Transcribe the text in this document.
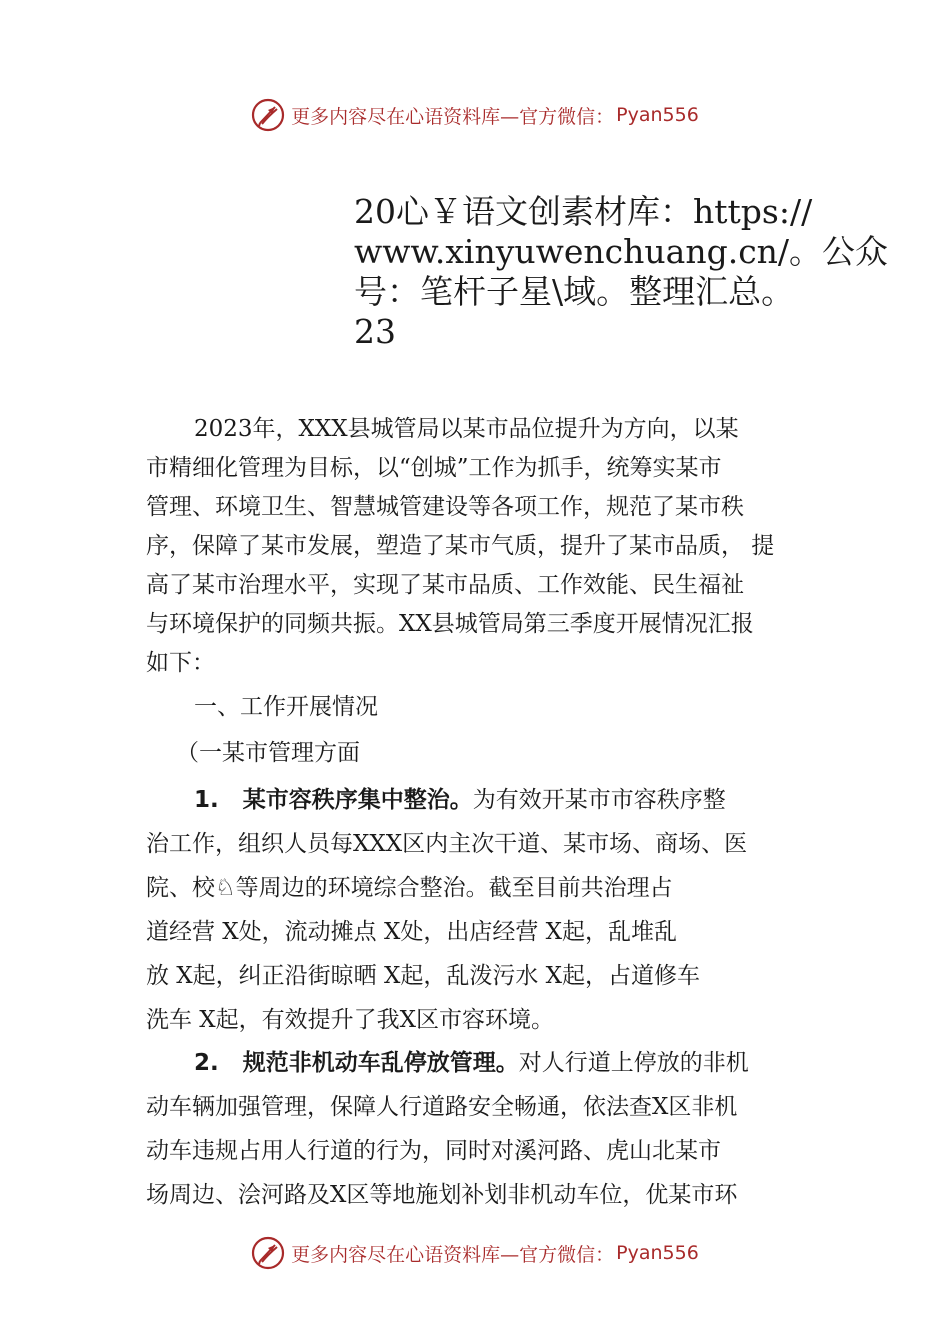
更多内容尽在心语资料库—官方微信： Pyan556
20心￥语文创素材库：https://
www.xinyuwenchuang.cn/。公众
号：笔杆子星\域。整理汇总。
23
2023年，XXX县城管局以某市品位提升为方向，以某
市精细化管理为目标，以“创城”工作为抓手，统筹实某市
管理、环境卫生、智慧城管建设等各项工作，规范了某市秩
序，保障了某市发展，塑造了某市气质，提升了某市品质， 提
高了某市治理水平，实现了某市品质、工作效能、民生福祉
与环境保护的同频共振。XX县城管局第三季度开展情况汇报
如下：
一、工作开展情况
（一某市管理方面
1. 某市容秩序集中整治。为有效开某市市容秩序整
治工作，组织人员每XXX区内主次干道、某市场、商场、医
院、校♘等周边的环境综合整治。截至目前共治理占
道经营 X处，流动摊点 X处，出店经营 X起，乱堆乱
放 X起，纠正沿街晾晒 X起，乱泼污水 X起，占道修车
洗车 X起，有效提升了我X区市容环境。
2. 规范非机动车乱停放管理。对人行道上停放的非机
动车辆加强管理，保障人行道路安全畅通，依法查X区非机
动车违规占用人行道的行为，同时对溪河路、虎山北某市
场周边、浍河路及X区等地施划补划非机动车位，优某市环
更多内容尽在心语资料库—官方微信： Pyan556
